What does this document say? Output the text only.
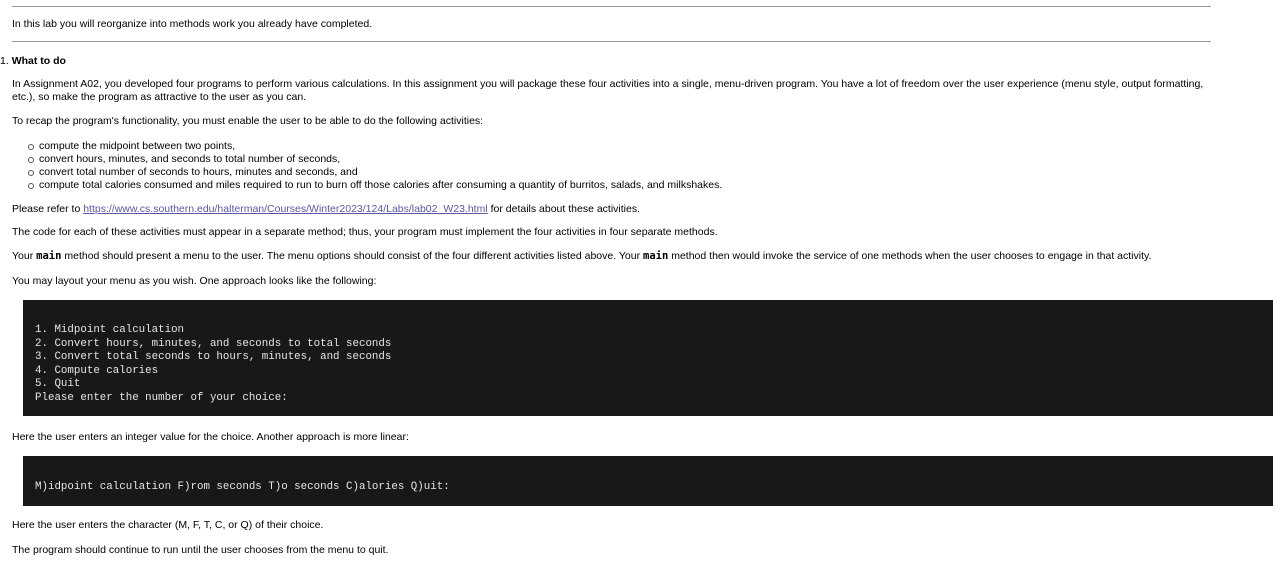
In this lab you will reorganize into methods work you already have completed.
1. What to do
In Assignment A02, you developed four programs to perform various calculations. In this assignment you will package these four activities into a single, menu-driven program. You have a lot of freedom over the user experience (menu style, output formatting, etc.), so make the program as attractive to the user as you can.
To recap the program's functionality, you must enable the user to be able to do the following activities:
compute the midpoint between two points,
convert hours, minutes, and seconds to total number of seconds,
convert total number of seconds to hours, minutes and seconds, and
compute total calories consumed and miles required to run to burn off those calories after consuming a quantity of burritos, salads, and milkshakes.
Please refer to https://www.cs.southern.edu/halterman/Courses/Winter2023/124/Labs/lab02_W23.html for details about these activities.
The code for each of these activities must appear in a separate method; thus, your program must implement the four activities in four separate methods.
Your main method should present a menu to the user. The menu options should consist of the four different activities listed above. Your main method then would invoke the service of one methods when the user chooses to engage in that activity.
You may layout your menu as you wish. One approach looks like the following:
1. Midpoint calculation
2. Convert hours, minutes, and seconds to total seconds
3. Convert total seconds to hours, minutes, and seconds
4. Compute calories
5. Quit
Please enter the number of your choice:
Here the user enters an integer value for the choice. Another approach is more linear:
M)idpoint calculation F)rom seconds T)o seconds C)alories Q)uit:
Here the user enters the character (M, F, T, C, or Q) of their choice.
The program should continue to run until the user chooses from the menu to quit.
